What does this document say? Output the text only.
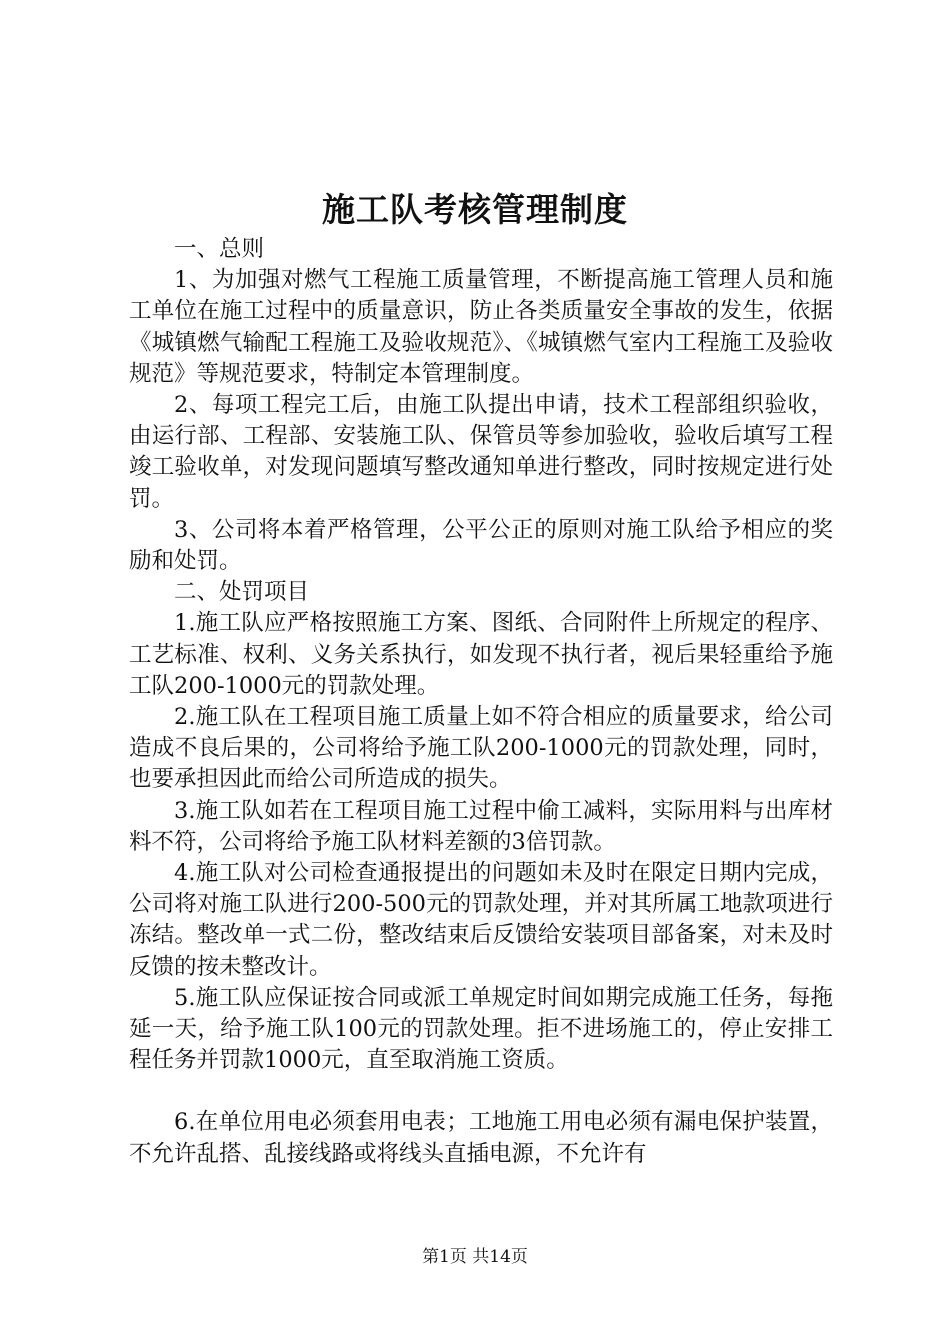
施工队考核管理制度

一、总则

1、为加强对燃气工程施工质量管理，不断提高施工管理人员和施工单位在施工过程中的质量意识，防止各类质量安全事故的发生，依据《城镇燃气输配工程施工及验收规范》、《城镇燃气室内工程施工及验收规范》等规范要求，特制定本管理制度。

2、每项工程完工后，由施工队提出申请，技术工程部组织验收，由运行部、工程部、安装施工队、保管员等参加验收，验收后填写工程竣工验收单，对发现问题填写整改通知单进行整改，同时按规定进行处罚。

3、公司将本着严格管理，公平公正的原则对施工队给予相应的奖励和处罚。

二、处罚项目

1.施工队应严格按照施工方案、图纸、合同附件上所规定的程序、工艺标准、权利、义务关系执行，如发现不执行者，视后果轻重给予施工队200-1000元的罚款处理。

2.施工队在工程项目施工质量上如不符合相应的质量要求，给公司造成不良后果的，公司将给予施工队200-1000元的罚款处理，同时，也要承担因此而给公司所造成的损失。

3.施工队如若在工程项目施工过程中偷工减料，实际用料与出库材料不符，公司将给予施工队材料差额的3倍罚款。

4.施工队对公司检查通报提出的问题如未及时在限定日期内完成，公司将对施工队进行200-500元的罚款处理，并对其所属工地款项进行冻结。整改单一式二份，整改结束后反馈给安装项目部备案，对未及时反馈的按未整改计。

5.施工队应保证按合同或派工单规定时间如期完成施工任务，每拖延一天，给予施工队100元的罚款处理。拒不进场施工的，停止安排工程任务并罚款1000元，直至取消施工资质。

6.在单位用电必须套用电表；工地施工用电必须有漏电保护装置，不允许乱搭、乱接线路或将线头直插电源，不允许有

第1页 共14页
